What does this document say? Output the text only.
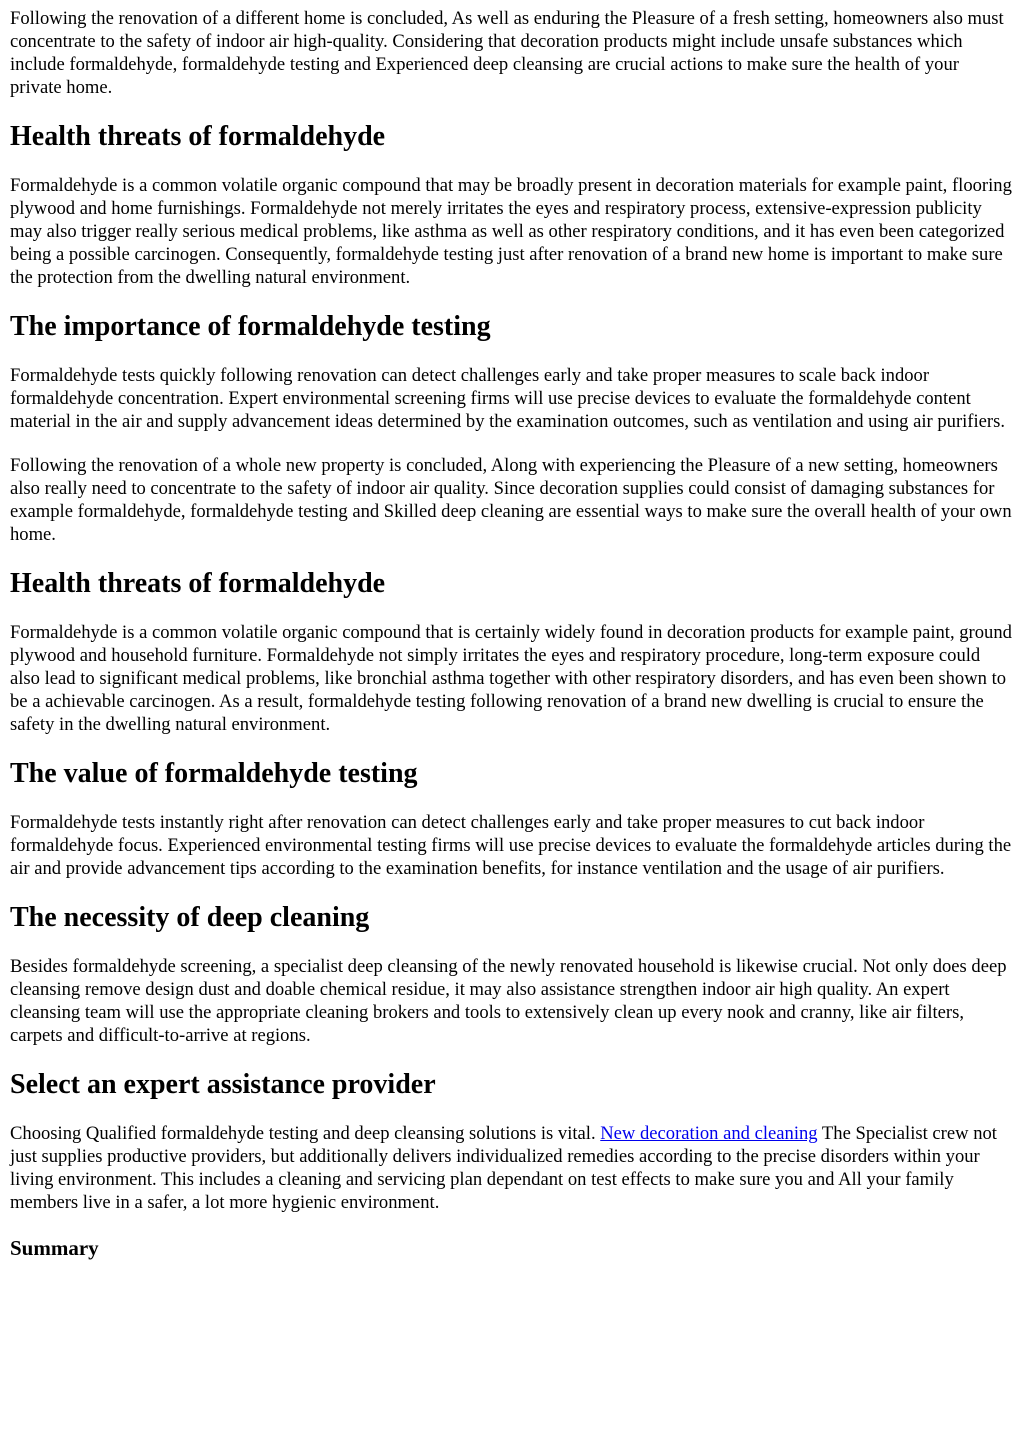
Following the renovation of a different home is concluded, As well as enduring the Pleasure of a fresh setting, homeowners also must concentrate to the safety of indoor air high-quality. Considering that decoration products might include unsafe substances which include formaldehyde, formaldehyde testing and Experienced deep cleansing are crucial actions to make sure the health of your private home.

Health threats of formaldehyde

Formaldehyde is a common volatile organic compound that may be broadly present in decoration materials for example paint, flooring plywood and home furnishings. Formaldehyde not merely irritates the eyes and respiratory process, extensive-expression publicity may also trigger really serious medical problems, like asthma as well as other respiratory conditions, and it has even been categorized being a possible carcinogen. Consequently, formaldehyde testing just after renovation of a brand new home is important to make sure the protection from the dwelling natural environment.

The importance of formaldehyde testing

Formaldehyde tests quickly following renovation can detect challenges early and take proper measures to scale back indoor formaldehyde concentration. Expert environmental screening firms will use precise devices to evaluate the formaldehyde content material in the air and supply advancement ideas determined by the examination outcomes, such as ventilation and using air purifiers.

Following the renovation of a whole new property is concluded, Along with experiencing the Pleasure of a new setting, homeowners also really need to concentrate to the safety of indoor air quality. Since decoration supplies could consist of damaging substances for example formaldehyde, formaldehyde testing and Skilled deep cleaning are essential ways to make sure the overall health of your own home.

Health threats of formaldehyde

Formaldehyde is a common volatile organic compound that is certainly widely found in decoration products for example paint, ground plywood and household furniture. Formaldehyde not simply irritates the eyes and respiratory procedure, long-term exposure could also lead to significant medical problems, like bronchial asthma together with other respiratory disorders, and has even been shown to be a achievable carcinogen. As a result, formaldehyde testing following renovation of a brand new dwelling is crucial to ensure the safety in the dwelling natural environment.

The value of formaldehyde testing

Formaldehyde tests instantly right after renovation can detect challenges early and take proper measures to cut back indoor formaldehyde focus. Experienced environmental testing firms will use precise devices to evaluate the formaldehyde articles during the air and provide advancement tips according to the examination benefits, for instance ventilation and the usage of air purifiers.

The necessity of deep cleaning

Besides formaldehyde screening, a specialist deep cleansing of the newly renovated household is likewise crucial. Not only does deep cleansing remove design dust and doable chemical residue, it may also assistance strengthen indoor air high quality. An expert cleansing team will use the appropriate cleaning brokers and tools to extensively clean up every nook and cranny, like air filters, carpets and difficult-to-arrive at regions.

Select an expert assistance provider

Choosing Qualified formaldehyde testing and deep cleansing solutions is vital. New decoration and cleaning The Specialist crew not just supplies productive providers, but additionally delivers individualized remedies according to the precise disorders within your living environment. This includes a cleaning and servicing plan dependant on test effects to make sure you and All your family members live in a safer, a lot more hygienic environment.

Summary
